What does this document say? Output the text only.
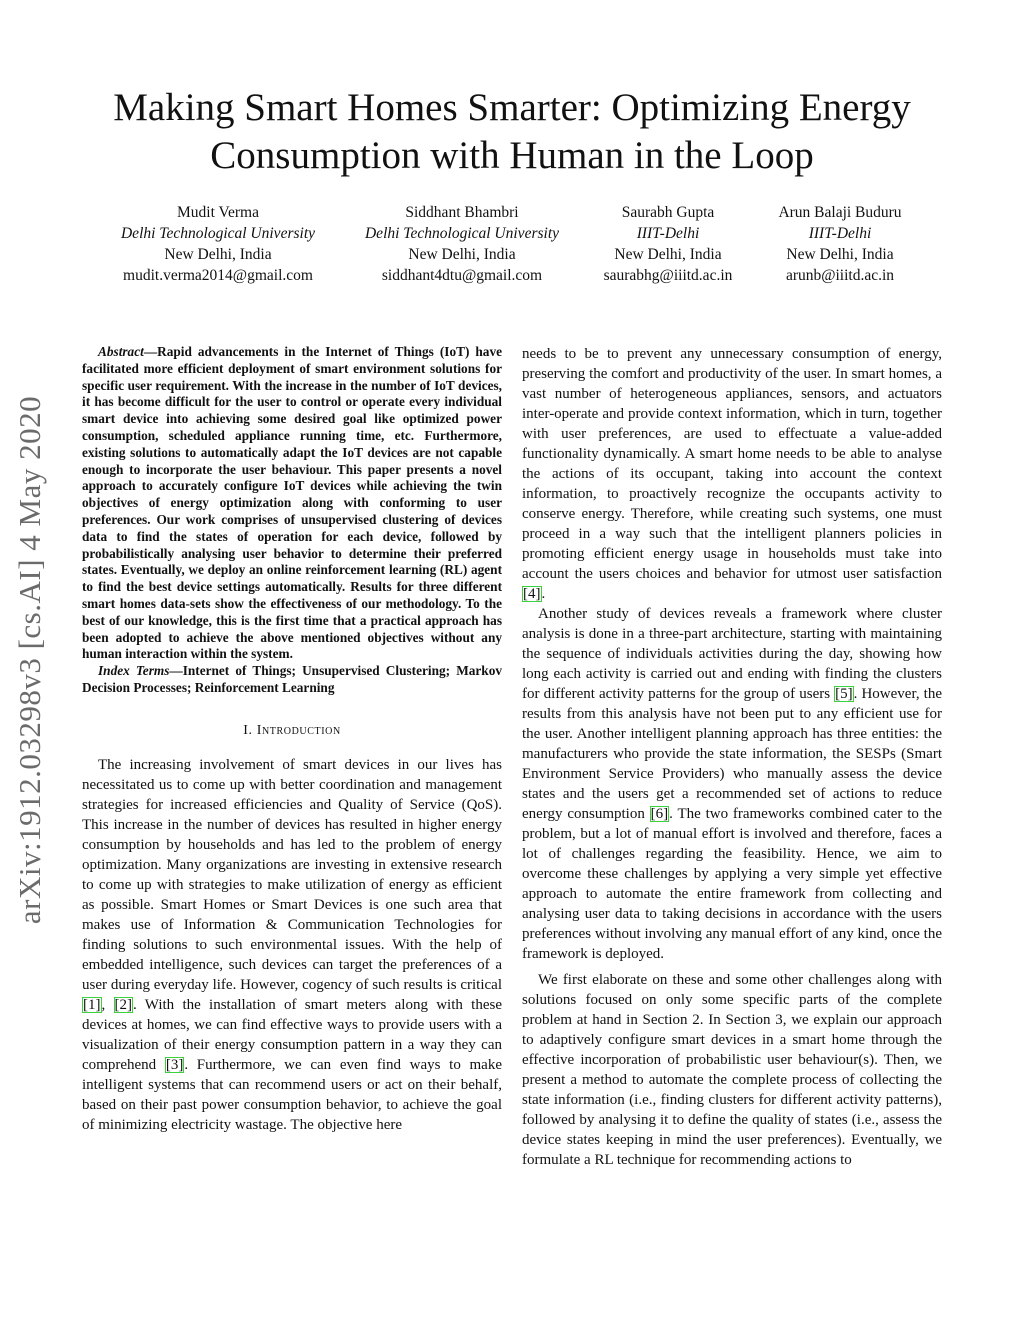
arXiv:1912.03298v3 [cs.AI] 4 May 2020
Making Smart Homes Smarter: Optimizing Energy Consumption with Human in the Loop
Mudit Verma
Delhi Technological University
New Delhi, India
mudit.verma2014@gmail.com
Siddhant Bhambri
Delhi Technological University
New Delhi, India
siddhant4dtu@gmail.com
Saurabh Gupta
IIIT-Delhi
New Delhi, India
saurabhg@iiitd.ac.in
Arun Balaji Buduru
IIIT-Delhi
New Delhi, India
arunb@iiitd.ac.in

Abstract—Rapid advancements in the Internet of Things (IoT) have facilitated more efficient deployment of smart environment solutions for specific user requirement. With the increase in the number of IoT devices, it has become difficult for the user to control or operate every individual smart device into achieving some desired goal like optimized power consumption, scheduled appliance running time, etc. Furthermore, existing solutions to automatically adapt the IoT devices are not capable enough to incorporate the user behaviour. This paper presents a novel approach to accurately configure IoT devices while achieving the twin objectives of energy optimization along with conforming to user preferences. Our work comprises of unsupervised clustering of devices data to find the states of operation for each device, followed by probabilistically analysing user behavior to determine their preferred states. Eventually, we deploy an online reinforcement learning (RL) agent to find the best device settings automatically. Results for three different smart homes data-sets show the effectiveness of our methodology. To the best of our knowledge, this is the first time that a practical approach has been adopted to achieve the above mentioned objectives without any human interaction within the system.

Index Terms—Internet of Things; Unsupervised Clustering; Markov Decision Processes; Reinforcement Learning

I. Introduction

The increasing involvement of smart devices in our lives has necessitated us to come up with better coordination and management strategies for increased efficiencies and Quality of Service (QoS). This increase in the number of devices has resulted in higher energy consumption by households and has led to the problem of energy optimization. Many organizations are investing in extensive research to come up with strategies to make utilization of energy as efficient as possible. Smart Homes or Smart Devices is one such area that makes use of Information & Communication Technologies for finding solutions to such environmental issues. With the help of embedded intelligence, such devices can target the preferences of a user during everyday life. However, cogency of such results is critical [1], [2]. With the installation of smart meters along with these devices at homes, we can find effective ways to provide users with a visualization of their energy consumption pattern in a way they can comprehend [3]. Furthermore, we can even find ways to make intelligent systems that can recommend users or act on their behalf, based on their past power consumption behavior, to achieve the goal of minimizing electricity wastage. The objective here

needs to be to prevent any unnecessary consumption of energy, preserving the comfort and productivity of the user. In smart homes, a vast number of heterogeneous appliances, sensors, and actuators inter-operate and provide context information, which in turn, together with user preferences, are used to effectuate a value-added functionality dynamically. A smart home needs to be able to analyse the actions of its occupant, taking into account the context information, to proactively recognize the occupants activity to conserve energy. Therefore, while creating such systems, one must proceed in a way such that the intelligent planners policies in promoting efficient energy usage in households must take into account the users choices and behavior for utmost user satisfaction [4].

Another study of devices reveals a framework where cluster analysis is done in a three-part architecture, starting with maintaining the sequence of individuals activities during the day, showing how long each activity is carried out and ending with finding the clusters for different activity patterns for the group of users [5]. However, the results from this analysis have not been put to any efficient use for the user. Another intelligent planning approach has three entities: the manufacturers who provide the state information, the SESPs (Smart Environment Service Providers) who manually assess the device states and the users get a recommended set of actions to reduce energy consumption [6]. The two frameworks combined cater to the problem, but a lot of manual effort is involved and therefore, faces a lot of challenges regarding the feasibility. Hence, we aim to overcome these challenges by applying a very simple yet effective approach to automate the entire framework from collecting and analysing user data to taking decisions in accordance with the users preferences without involving any manual effort of any kind, once the framework is deployed.

We first elaborate on these and some other challenges along with solutions focused on only some specific parts of the complete problem at hand in Section 2. In Section 3, we explain our approach to adaptively configure smart devices in a smart home through the effective incorporation of probabilistic user behaviour(s). Then, we present a method to automate the complete process of collecting the state information (i.e., finding clusters for different activity patterns), followed by analysing it to define the quality of states (i.e., assess the device states keeping in mind the user preferences). Eventually, we formulate a RL technique for recommending actions to
